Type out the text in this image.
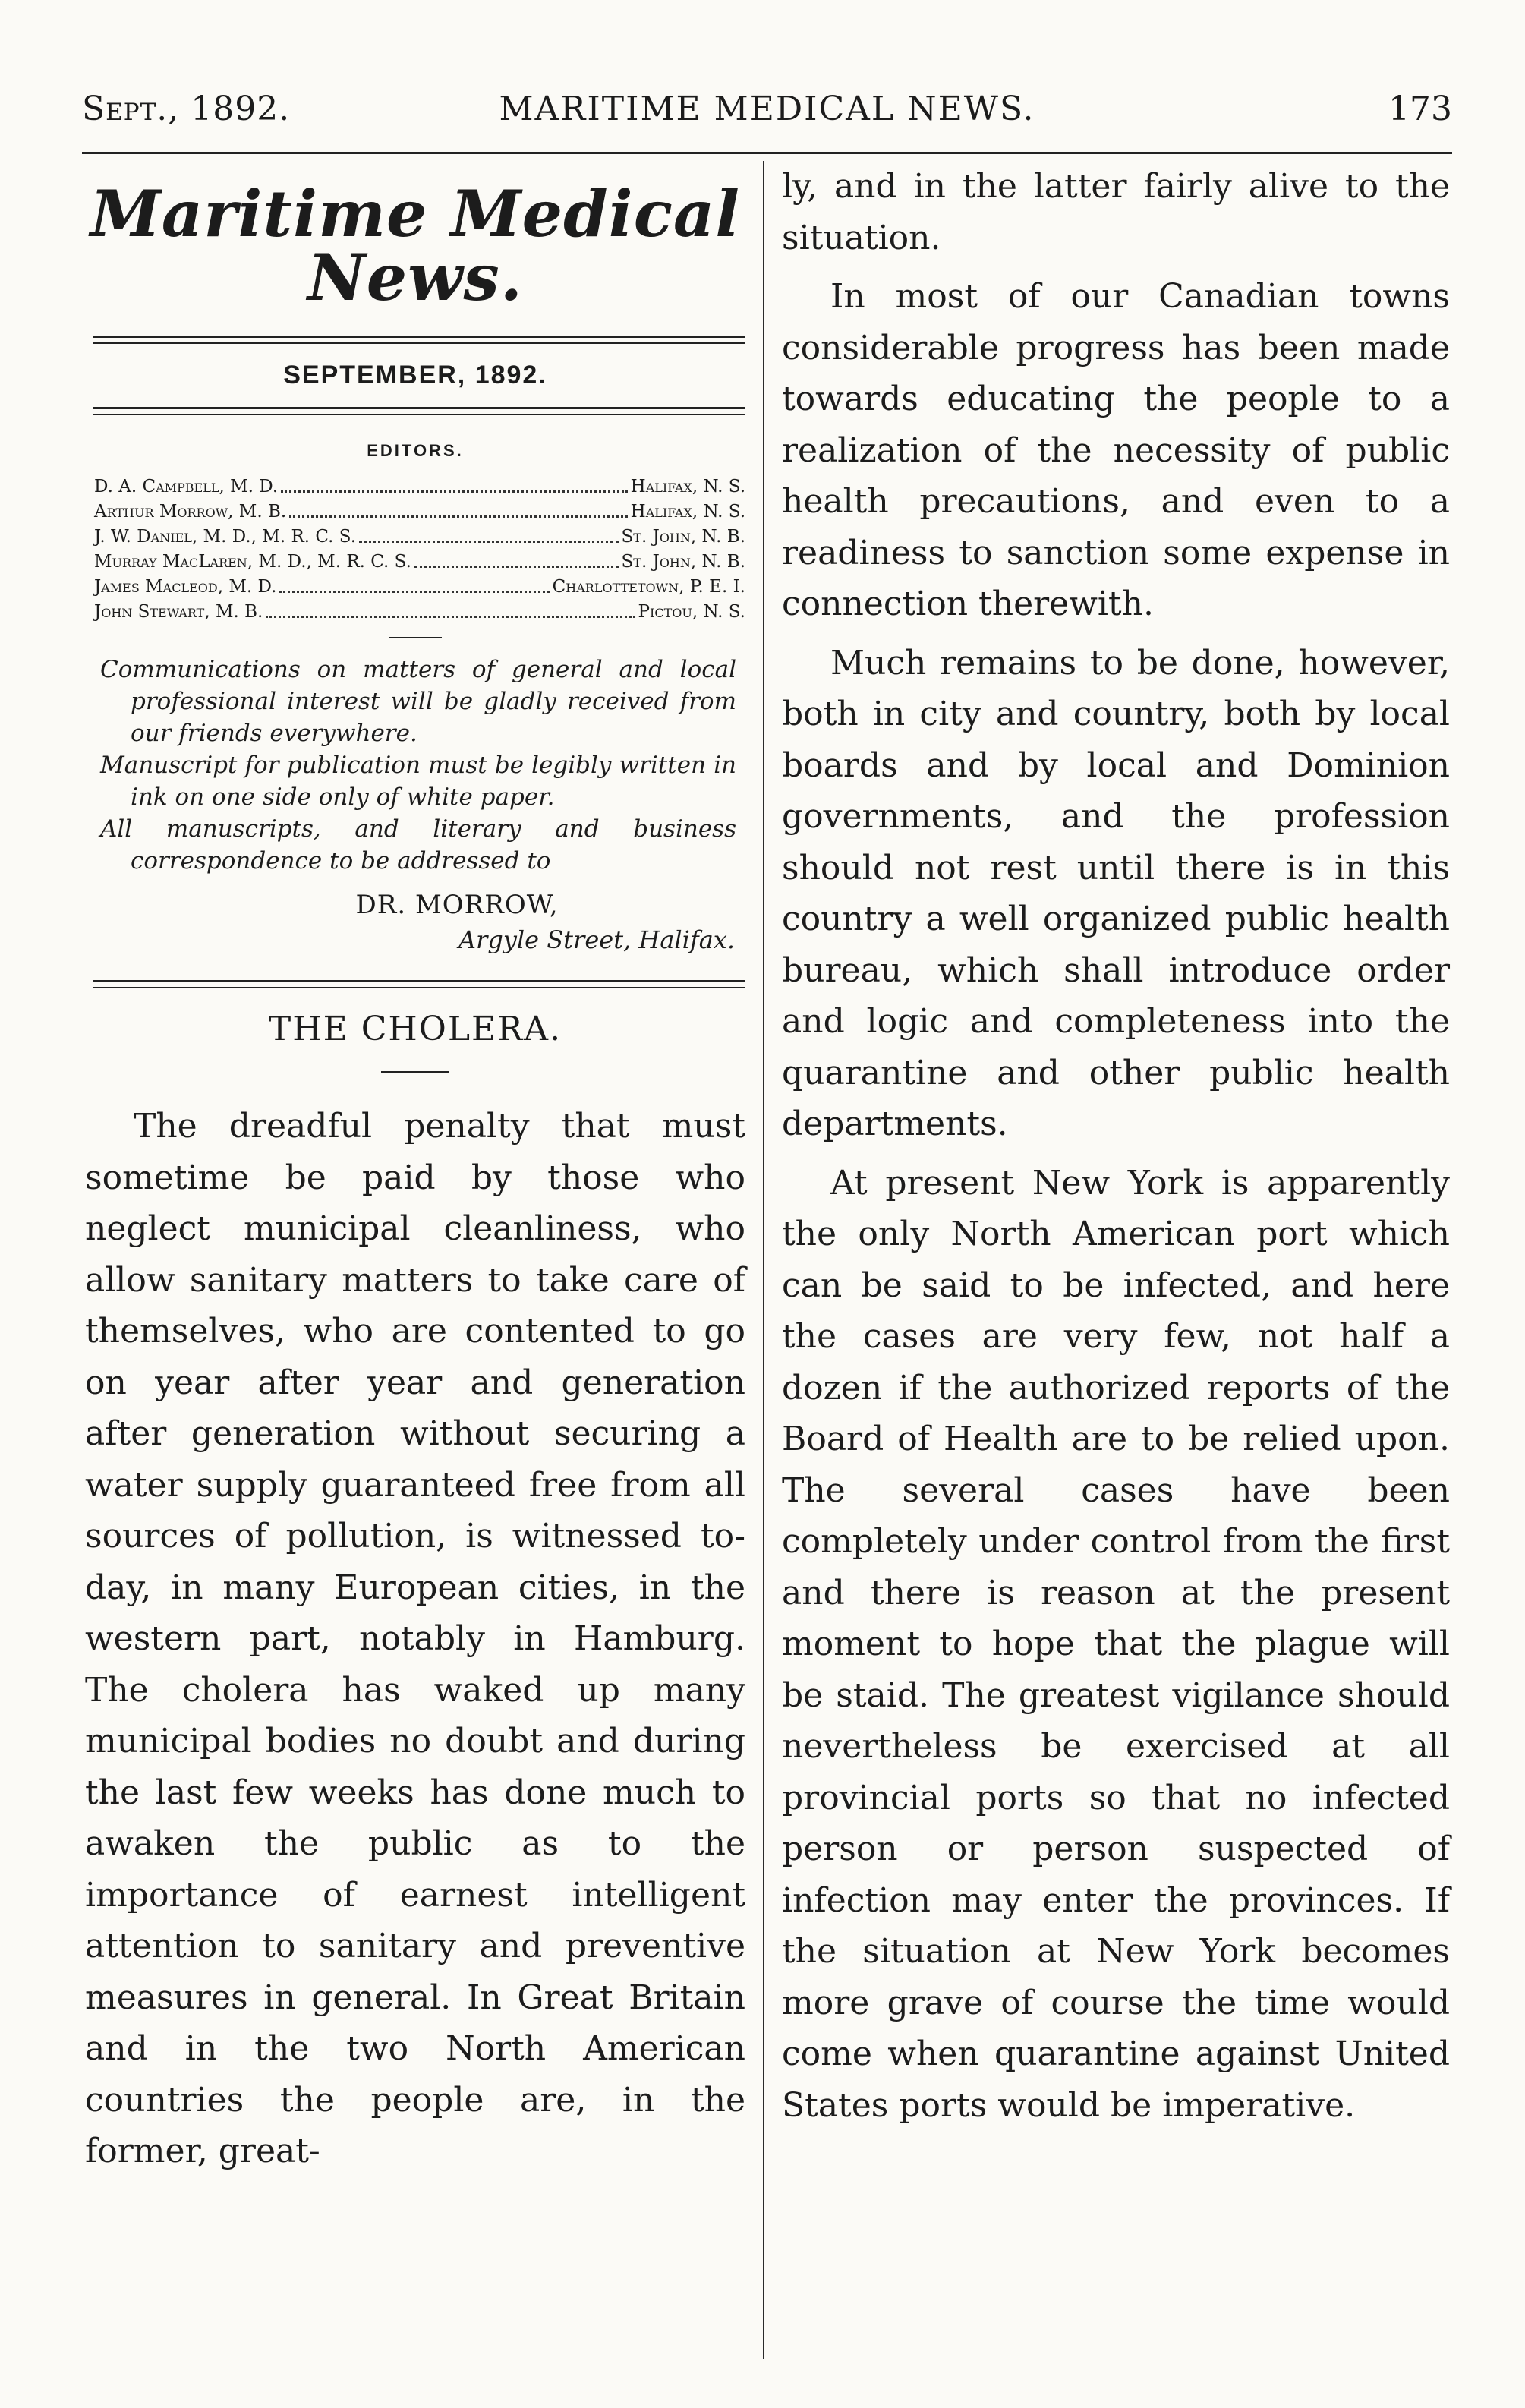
Sept., 1892.	MARITIME MEDICAL NEWS.	173
Maritime Medical News.
SEPTEMBER, 1892.
EDITORS.
D. A. Campbell, M. D.	Halifax, N. S.
Arthur Morrow, M. B.	Halifax, N. S.
J. W. Daniel, M. D., M. R. C. S.	St. John, N. B.
Murray MacLaren, M. D., M. R. C. S.	St. John, N. B.
James Macleod, M. D.	Charlottetown, P. E. I.
John Stewart, M. B.	Pictou, N. S.

Communications on matters of general and local professional interest will be gladly received from our friends everywhere.

Manuscript for publication must be legibly written in ink on one side only of white paper.

All manuscripts, and literary and business correspondence to be addressed to

DR. MORROW,
Argyle Street, Halifax.
THE CHOLERA.

The dreadful penalty that must sometime be paid by those who neglect municipal cleanliness, who allow sanitary matters to take care of themselves, who are contented to go on year after year and generation after generation without securing a water supply guaranteed free from all sources of pollution, is witnessed to-day, in many European cities, in the western part, notably in Hamburg. The cholera has waked up many municipal bodies no doubt and during the last few weeks has done much to awaken the public as to the importance of earnest intelligent attention to sanitary and preventive measures in general. In Great Britain and in the two North American countries the people are, in the former, great-

ly, and in the latter fairly alive to the situation.

In most of our Canadian towns considerable progress has been made towards educating the people to a realization of the necessity of public health precautions, and even to a readiness to sanction some expense in connection therewith.

Much remains to be done, however, both in city and country, both by local boards and by local and Dominion governments, and the profession should not rest until there is in this country a well organized public health bureau, which shall introduce order and logic and completeness into the quarantine and other public health departments.

At present New York is apparently the only North American port which can be said to be infected, and here the cases are very few, not half a dozen if the authorized reports of the Board of Health are to be relied upon. The several cases have been completely under control from the first and there is reason at the present moment to hope that the plague will be staid. The greatest vigilance should nevertheless be exercised at all provincial ports so that no infected person or person suspected of infection may enter the provinces. If the situation at New York becomes more grave of course the time would come when quarantine against United States ports would be imperative.
